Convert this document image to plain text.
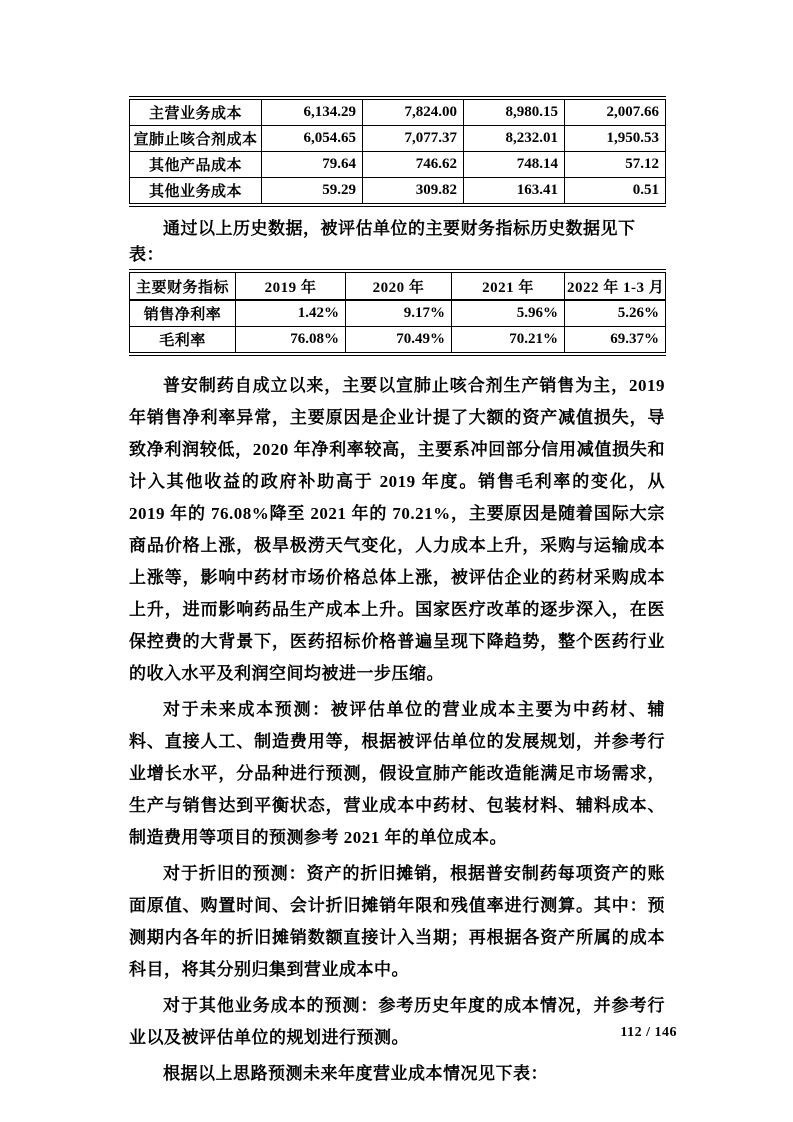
主营业务成本	6,134.29	7,824.00	8,980.15	2,007.66
宣肺止咳合剂成本	6,054.65	7,077.37	8,232.01	1,950.53
其他产品成本	79.64	746.62	748.14	57.12
其他业务成本	59.29	309.82	163.41	0.51

通过以上历史数据，被评估单位的主要财务指标历史数据见下表：

主要财务指标	2019 年	2020 年	2021 年	2022 年 1-3 月
销售净利率	1.42%	9.17%	5.96%	5.26%
毛利率	76.08%	70.49%	70.21%	69.37%

普安制药自成立以来，主要以宣肺止咳合剂生产销售为主，2019 年销售净利率异常，主要原因是企业计提了大额的资产减值损失，导致净利润较低，2020 年净利率较高，主要系冲回部分信用减值损失和计入其他收益的政府补助高于 2019 年度。销售毛利率的变化，从 2019 年的 76.08%降至 2021 年的 70.21%，主要原因是随着国际大宗商品价格上涨，极旱极涝天气变化，人力成本上升，采购与运输成本上涨等，影响中药材市场价格总体上涨，被评估企业的药材采购成本上升，进而影响药品生产成本上升。国家医疗改革的逐步深入，在医保控费的大背景下，医药招标价格普遍呈现下降趋势，整个医药行业的收入水平及利润空间均被进一步压缩。

对于未来成本预测：被评估单位的营业成本主要为中药材、辅料、直接人工、制造费用等，根据被评估单位的发展规划，并参考行业增长水平，分品种进行预测，假设宣肺产能改造能满足市场需求，生产与销售达到平衡状态，营业成本中药材、包装材料、辅料成本、制造费用等项目的预测参考 2021 年的单位成本。

对于折旧的预测：资产的折旧摊销，根据普安制药每项资产的账面原值、购置时间、会计折旧摊销年限和残值率进行测算。其中：预测期内各年的折旧摊销数额直接计入当期；再根据各资产所属的成本科目，将其分别归集到营业成本中。

对于其他业务成本的预测：参考历史年度的成本情况，并参考行业以及被评估单位的规划进行预测。

根据以上思路预测未来年度营业成本情况见下表：

112 / 146
